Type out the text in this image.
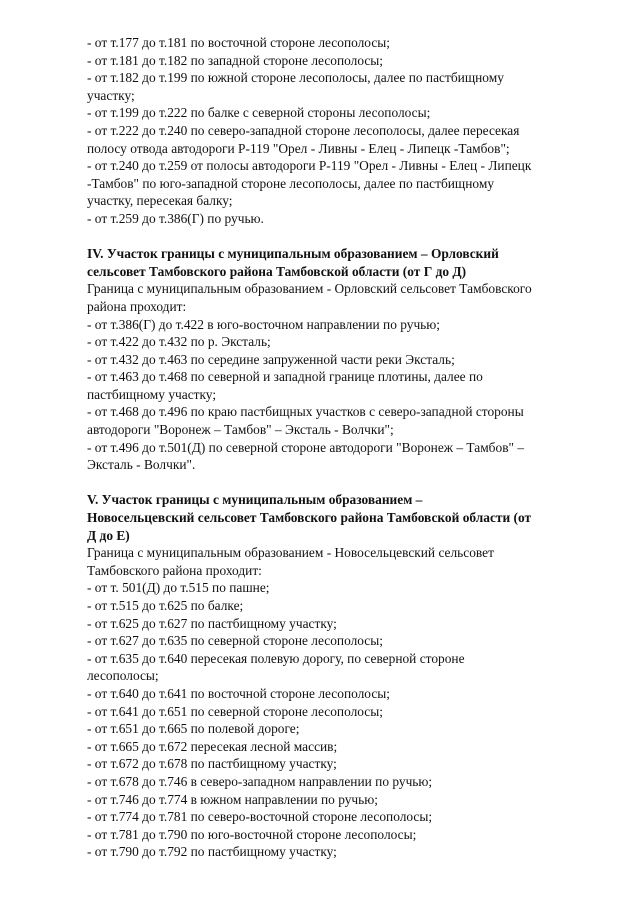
- от т.177 до т.181 по восточной стороне лесополосы;

- от т.181 до т.182 по западной стороне лесополосы;

- от т.182 до т.199 по южной стороне лесополосы, далее по пастбищному

участку;

- от т.199 до т.222 по балке с северной стороны лесополосы;

- от т.222 до т.240 по северо-западной стороне лесополосы, далее пересекая

полосу отвода автодороги Р-119 "Орел - Ливны - Елец - Липецк -Тамбов";

- от т.240 до т.259 от полосы автодороги Р-119 "Орел - Ливны - Елец - Липецк

-Тамбов" по юго-западной стороне лесополосы, далее по пастбищному

участку, пересекая балку;

- от т.259 до т.386(Г) по ручью.

IV. Участок границы с муниципальным образованием – Орловский

сельсовет Тамбовского района Тамбовской области (от Г до Д)

Граница с муниципальным образованием - Орловский сельсовет Тамбовского

района проходит:

- от т.386(Г) до т.422 в юго-восточном направлении по ручью;

- от т.422 до т.432 по р. Эксталь;

- от т.432 до т.463 по середине запруженной части реки Эксталь;

- от т.463 до т.468 по северной и западной границе плотины, далее по

пастбищному участку;

- от т.468 до т.496 по краю пастбищных участков с северо-западной стороны

автодороги "Воронеж – Тамбов" – Эксталь - Волчки";

- от т.496 до т.501(Д) по северной стороне автодороги "Воронеж – Тамбов" –

Эксталь - Волчки".

V. Участок границы с муниципальным образованием –

Новосельцевский сельсовет Тамбовского района Тамбовской области (от

Д до Е)

Граница с муниципальным образованием - Новосельцевский сельсовет

Тамбовского района проходит:

- от т. 501(Д) до т.515 по пашне;

- от т.515 до т.625 по балке;

- от т.625 до т.627 по пастбищному участку;

- от т.627 до т.635 по северной стороне лесополосы;

- от т.635 до т.640 пересекая полевую дорогу, по северной стороне

лесополосы;

- от т.640 до т.641 по восточной стороне лесополосы;

- от т.641 до т.651 по северной стороне лесополосы;

- от т.651 до т.665 по полевой дороге;

- от т.665 до т.672 пересекая лесной массив;

- от т.672 до т.678 по пастбищному участку;

- от т.678 до т.746 в северо-западном направлении по ручью;

- от т.746 до т.774 в южном направлении по ручью;

- от т.774 до т.781 по северо-восточной стороне лесополосы;

- от т.781 до т.790 по юго-восточной стороне лесополосы;

- от т.790 до т.792 по пастбищному участку;
